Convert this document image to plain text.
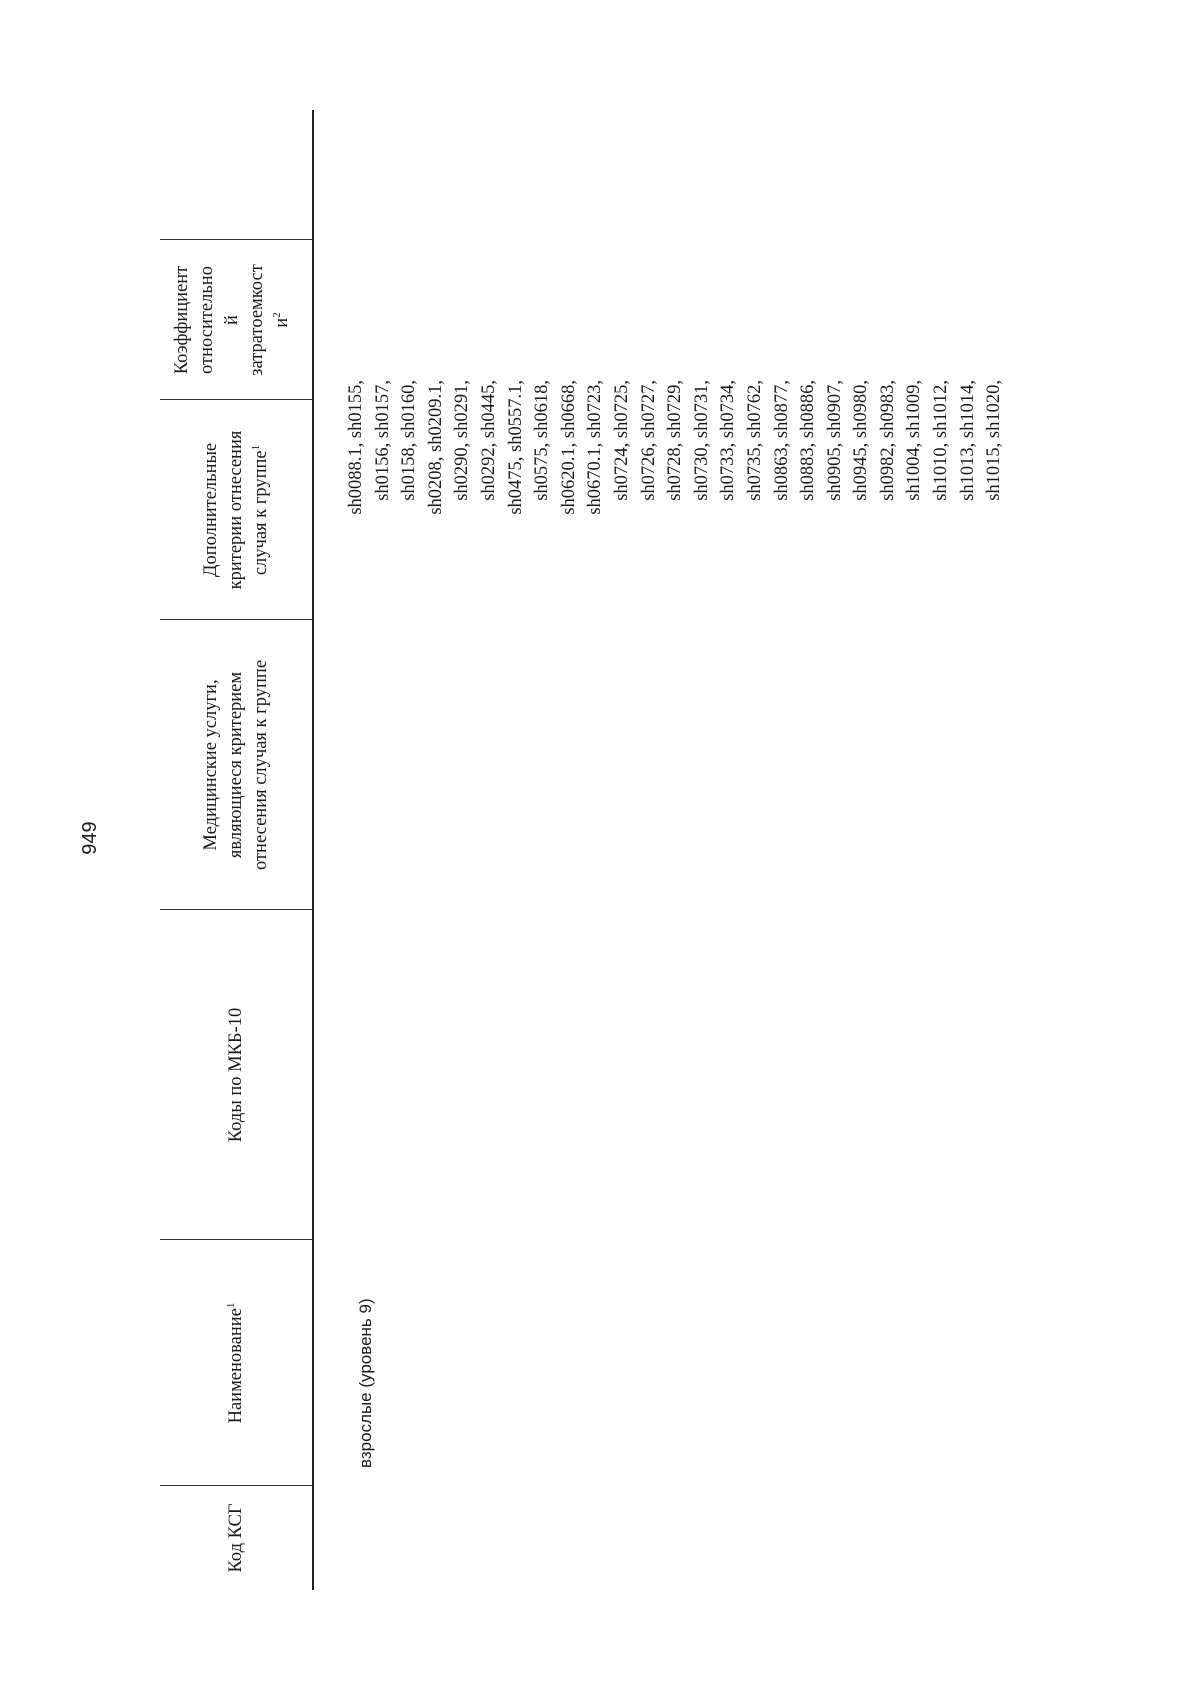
949
Код КСГ
Наименование$^1$
Коды по МКБ-10
Медицинские услуги, являющиеся критерием отнесения случая к группе
Дополнительные критерии отнесения случая к группе$^1$
Коэффициент относительно й затратоемкост $и^2$
взрослые (уровень 9)
sh0088.1, sh0155, sh0156, sh0157, sh0158, sh0160, sh0208, sh0209.1, sh0290, sh0291, sh0292, sh0445, sh0475, sh0557.1, sh0575, sh0618, sh0620.1, sh0668, sh0670.1, sh0723, sh0724, sh0725, sh0726, sh0727, sh0728, sh0729, sh0730, sh0731, sh0733, sh0734, sh0735, sh0762, sh0863, sh0877, sh0883, sh0886, sh0905, sh0907, sh0945, sh0980, sh0982, sh0983, sh1004, sh1009, sh1010, sh1012, sh1013, sh1014, sh1015, sh1020,
